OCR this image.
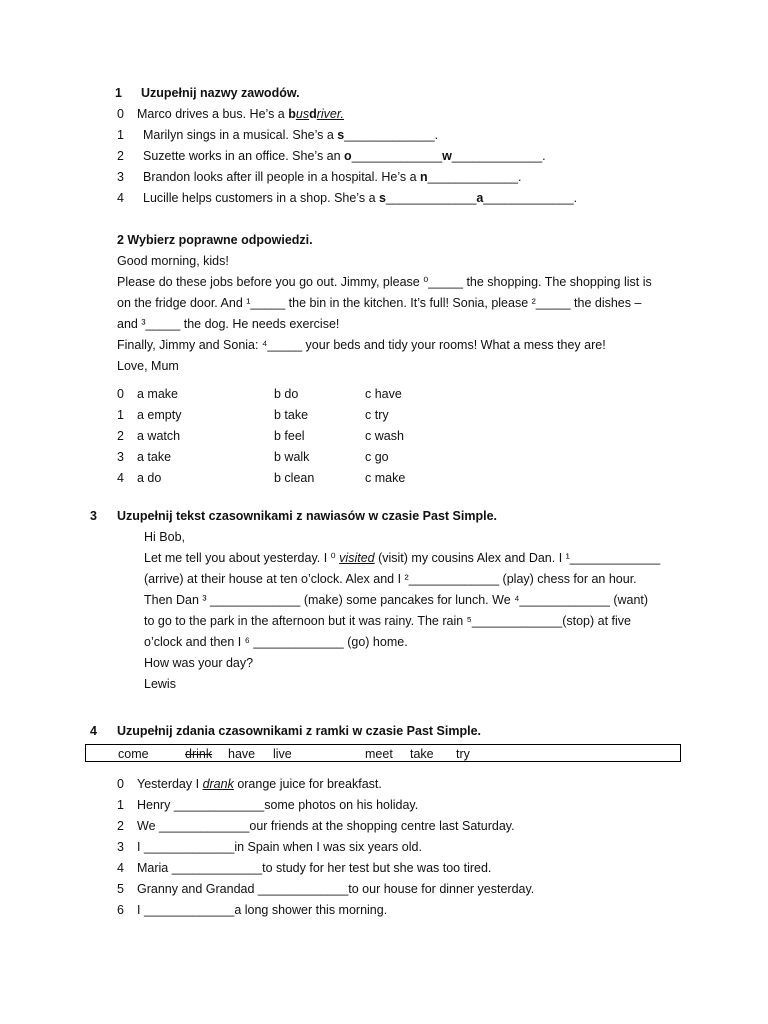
1 Uzupełnij nazwy zawodów.
0 Marco drives a bus. He’s a busdriver.
1 Marilyn sings in a musical. She’s a s_____________.
2 Suzette works in an office. She’s an o_____________w_____________.
3 Brandon looks after ill people in a hospital. He’s a n_____________.
4 Lucille helps customers in a shop. She’s a s_____________a_____________.
2 Wybierz poprawne odpowiedzi.
Good morning, kids!
Please do these jobs before you go out. Jimmy, please ⁰_____ the shopping. The shopping list is
on the fridge door. And ¹_____ the bin in the kitchen. It’s full! Sonia, please ²_____ the dishes –
and ³_____ the dog. He needs exercise!
Finally, Jimmy and Sonia: ⁴_____ your beds and tidy your rooms! What a mess they are!
Love, Mum
0 a make	b do	c have
1 a empty	b take	c try
2 a watch	b feel	c wash
3 a take	b walk	c go
4 a do	b clean	c make
3 Uzupełnij tekst czasownikami z nawiasów w czasie Past Simple.
Hi Bob,
Let me tell you about yesterday. I ⁰ visited (visit) my cousins Alex and Dan. I ¹_____________
(arrive) at their house at ten o’clock. Alex and I ²_____________ (play) chess for an hour.
Then Dan ³ _____________ (make) some pancakes for lunch. We ⁴_____________ (want)
to go to the park in the afternoon but it was rainy. The rain ⁵_____________(stop) at five
o’clock and then I ⁶ _____________ (go) home.
How was your day?
Lewis
4 Uzupełnij zdania czasownikami z ramki w czasie Past Simple.
come	drink have live	meet take try
0 Yesterday I drank orange juice for breakfast.
1 Henry _____________some photos on his holiday.
2 We _____________our friends at the shopping centre last Saturday.
3 I _____________in Spain when I was six years old.
4 Maria _____________to study for her test but she was too tired.
5 Granny and Grandad _____________to our house for dinner yesterday.
6 I _____________a long shower this morning.
